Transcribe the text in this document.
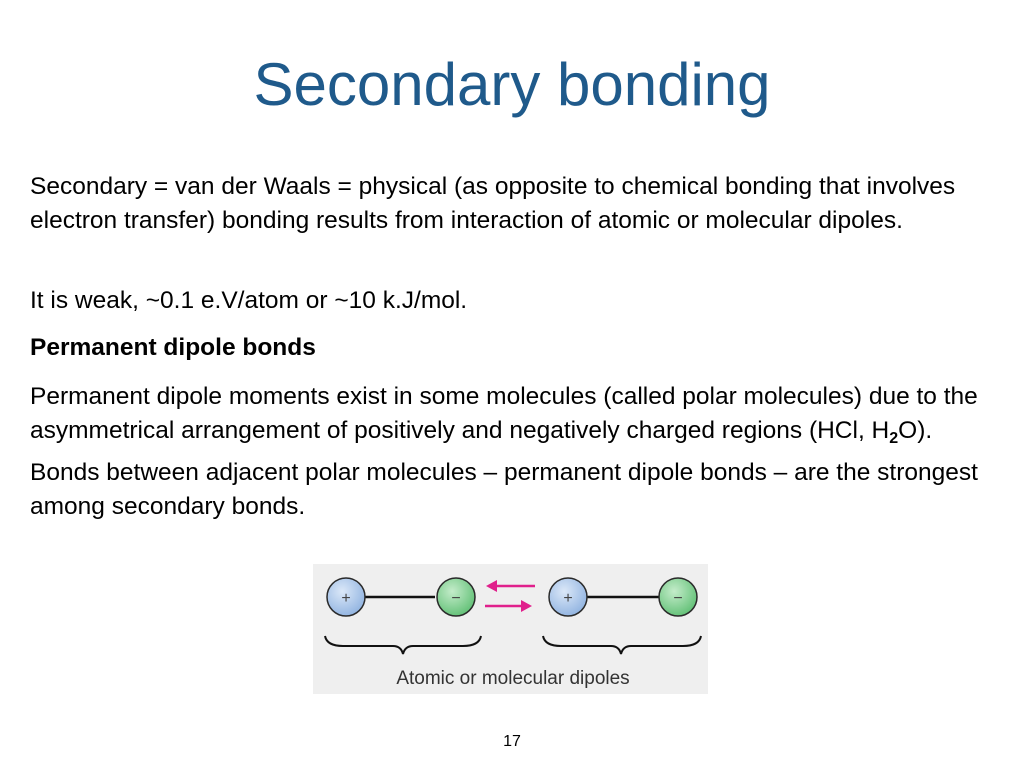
Secondary bonding

Secondary = van der Waals = physical (as opposite to chemical bonding that involves electron transfer) bonding results from interaction of atomic or molecular dipoles.

It is weak, ~0.1 e.V/atom or ~10 k.J/mol.

Permanent dipole bonds

Permanent dipole moments exist in some molecules (called polar molecules) due to the asymmetrical arrangement of positively and negatively charged regions (HCl, $H_2O$). Bonds between adjacent polar molecules – permanent dipole bonds – are the strongest among secondary bonds.

+	−	+	−
Atomic or molecular dipoles

17
